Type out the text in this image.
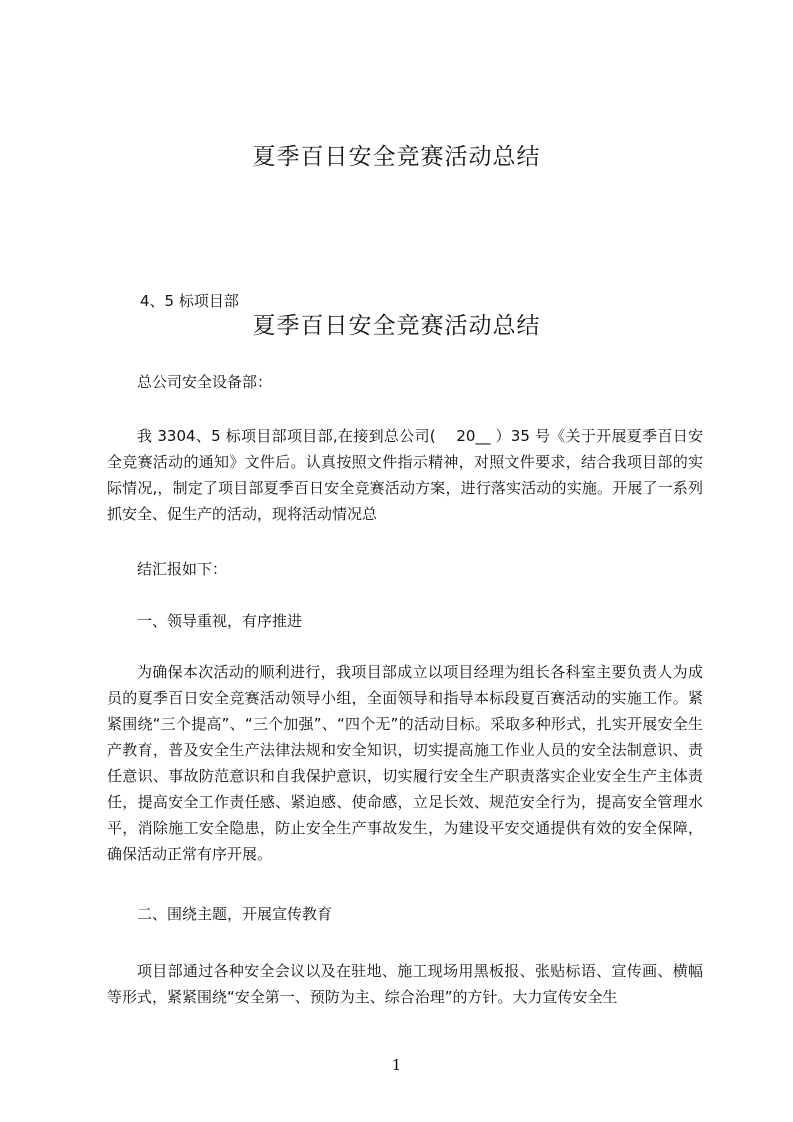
夏季百日安全竞赛活动总结
4、5 标项目部
夏季百日安全竞赛活动总结
总公司安全设备部：

我 3304、5 标项目部项目部,在接到总公司(　 20__ ）35 号《关于开展夏季百日安全竞赛活动的通知》文件后。认真按照文件指示精神，对照文件要求，结合我项目部的实际情况,，制定了项目部夏季百日安全竞赛活动方案，进行落实活动的实施。开展了一系列抓安全、促生产的活动，现将活动情况总

结汇报如下：

一、领导重视，有序推进

为确保本次活动的顺利进行，我项目部成立以项目经理为组长各科室主要负责人为成员的夏季百日安全竞赛活动领导小组，全面领导和指导本标段夏百赛活动的实施工作。紧紧围绕“三个提高”、“三个加强”、“四个无”的活动目标。采取多种形式，扎实开展安全生产教育，普及安全生产法律法规和安全知识，切实提高施工作业人员的安全法制意识、责任意识、事故防范意识和自我保护意识，切实履行安全生产职责落实企业安全生产主体责任，提高安全工作责任感、紧迫感、使命感，立足长效、规范安全行为，提高安全管理水平，消除施工安全隐患，防止安全生产事故发生，为建设平安交通提供有效的安全保障，确保活动正常有序开展。

二、围绕主题，开展宣传教育

项目部通过各种安全会议以及在驻地、施工现场用黑板报、张贴标语、宣传画、横幅等形式，紧紧围绕“安全第一、预防为主、综合治理”的方针。大力宣传安全生

1
